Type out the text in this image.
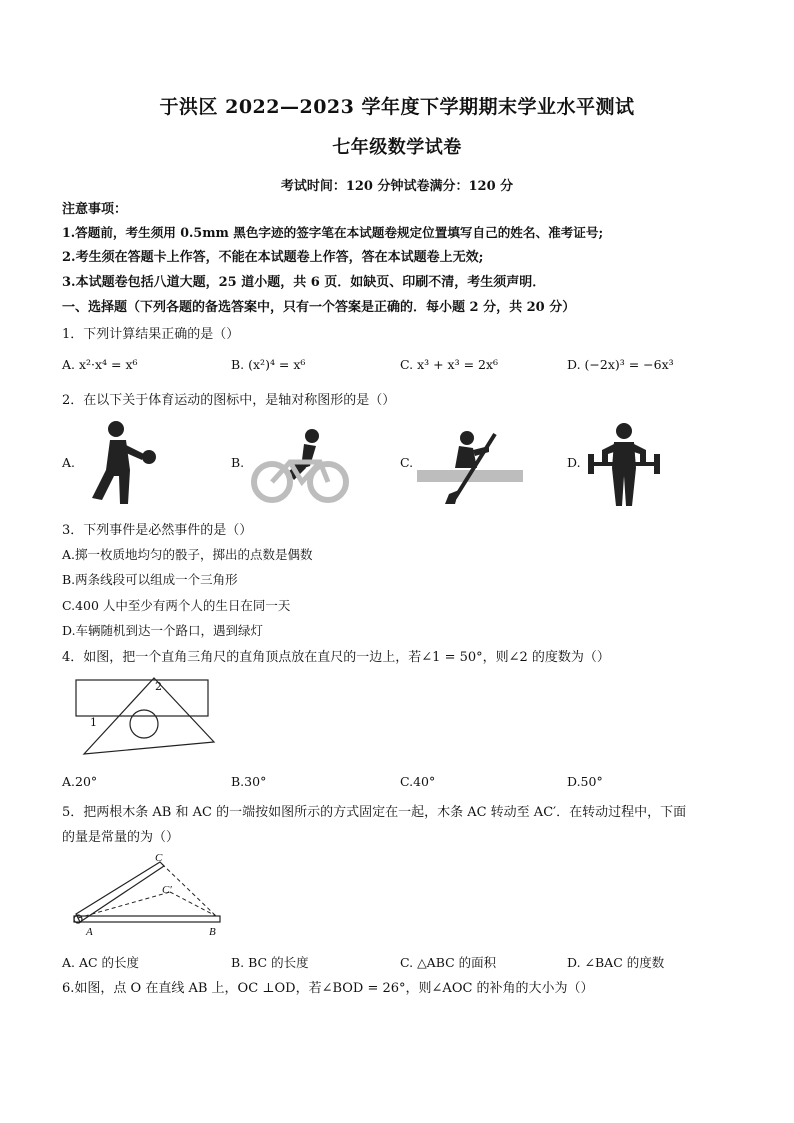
于洪区 2022—2023 学年度下学期期末学业水平测试
七年级数学试卷
考试时间：120 分钟试卷满分：120 分
注意事项：
1.答题前，考生须用 0.5mm 黑色字迹的签字笔在本试题卷规定位置填写自己的姓名、准考证号;
2.考生须在答题卡上作答，不能在本试题卷上作答，答在本试题卷上无效;
3.本试题卷包括八道大题，25 道小题，共 6 页．如缺页、印刷不清，考生须声明．
一、选择题（下列各题的备选答案中，只有一个答案是正确的．每小题 2 分，共 20 分）
1．下列计算结果正确的是（）
A. x²·x⁴ = x⁶	B. (x²)⁴ = x⁶	C. x³ + x³ = 2x⁶	D. (−2x)³ = −6x³
2．在以下关于体育运动的图标中，是轴对称图形的是（）
A.	B.	C.	D.
3．下列事件是必然事件的是（）
A.掷一枚质地均匀的骰子，掷出的点数是偶数
B.两条线段可以组成一个三角形
C.400 人中至少有两个人的生日在同一天
D.车辆随机到达一个路口，遇到绿灯
4．如图，把一个直角三角尺的直角顶点放在直尺的一边上，若∠1 = 50°，则∠2 的度数为（）
2
1
A.20°	B.30°	C.40°	D.50°
5．把两根木条 AB 和 AC 的一端按如图所示的方式固定在一起，木条 AC 转动至 AC′．在转动过程中，下面
的量是常量的为（）
C
C′
A	B
A. AC 的长度	B. BC 的长度	C. △ABC 的面积	D. ∠BAC 的度数
6.如图，点 O 在直线 AB 上，OC ⊥OD，若∠BOD = 26°，则∠AOC 的补角的大小为（）
